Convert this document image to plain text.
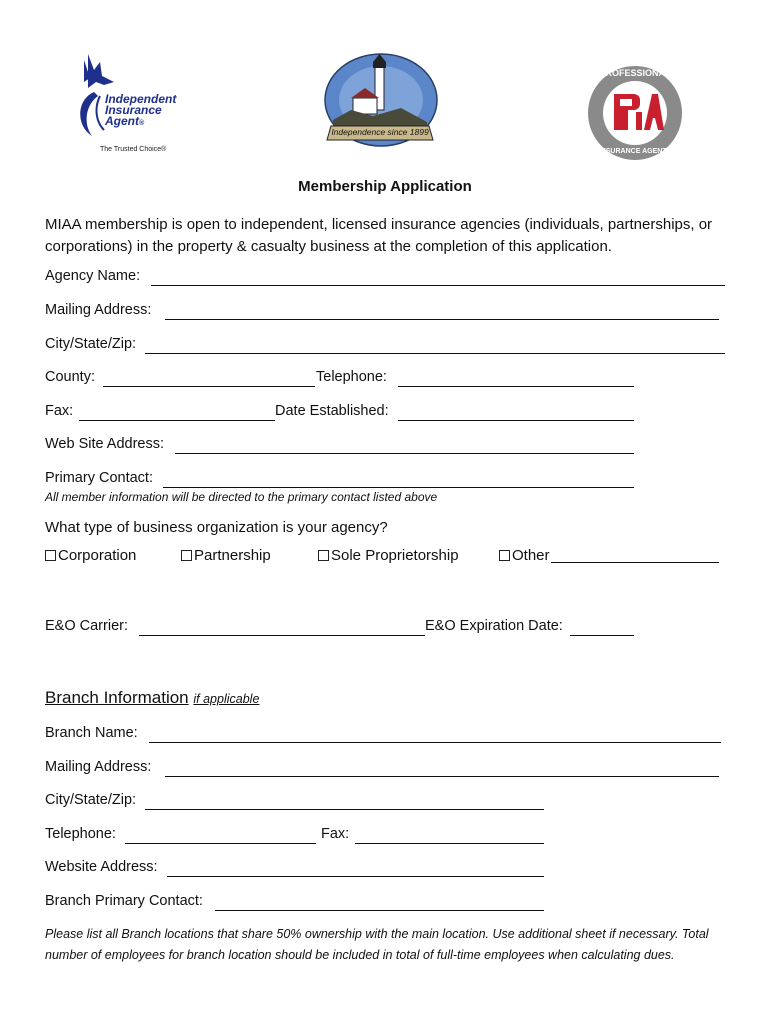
Independent
Insurance
Agent®
The Trusted Choice®
Independence since 1899
PROFESSIONAL
INSURANCE AGENTS
Membership Application
MIAA membership is open to independent, licensed insurance agencies (individuals, partnerships, or corporations) in the property & casualty business at the completion of this application.
Agency Name:
Mailing Address:
City/State/Zip:
County:	Telephone:
Fax:	Date Established:
Web Site Address:
Primary Contact:
All member information will be directed to the primary contact listed above
What type of business organization is your agency?
Corporation	Partnership	Sole Proprietorship	Other
E&O Carrier:	E&O Expiration Date:
Branch Information if applicable
Branch Name:
Mailing Address:
City/State/Zip:
Telephone:	Fax:
Website Address:
Branch Primary Contact:
Please list all Branch locations that share 50% ownership with the main location. Use additional sheet if necessary. Total number of employees for branch location should be included in total of full-time employees when calculating dues.
